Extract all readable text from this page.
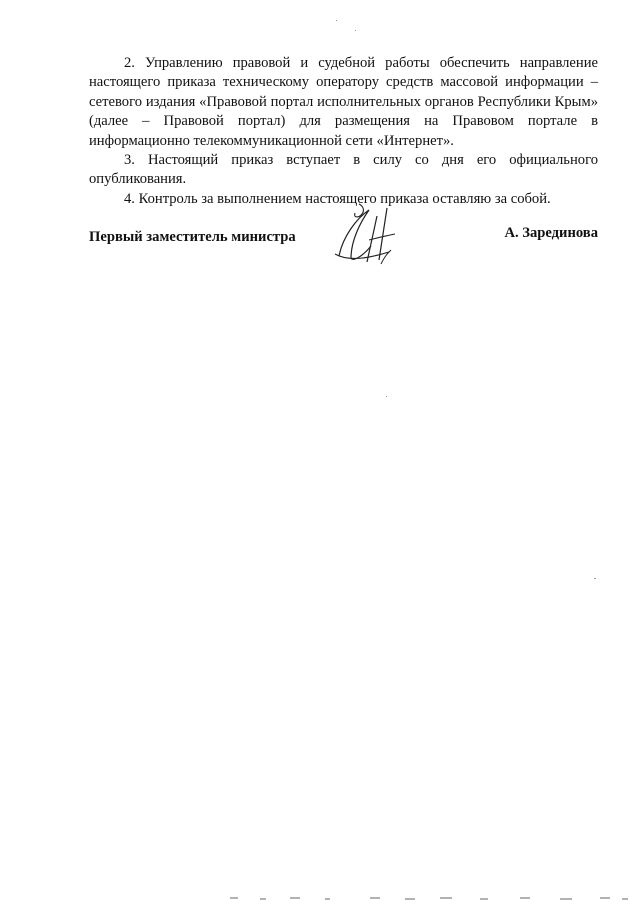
2. Управлению правовой и судебной работы обеспечить направление настоящего приказа техническому оператору средств массовой информации – сетевого издания «Правовой портал исполнительных органов Республики Крым» (далее – Правовой портал) для размещения на Правовом портале в информационно телекоммуникационной сети «Интернет».

3. Настоящий приказ вступает в силу со дня его официального опубликования.

4. Контроль за выполнением настоящего приказа оставляю за собой.

Первый заместитель министра	А. Зарединова
